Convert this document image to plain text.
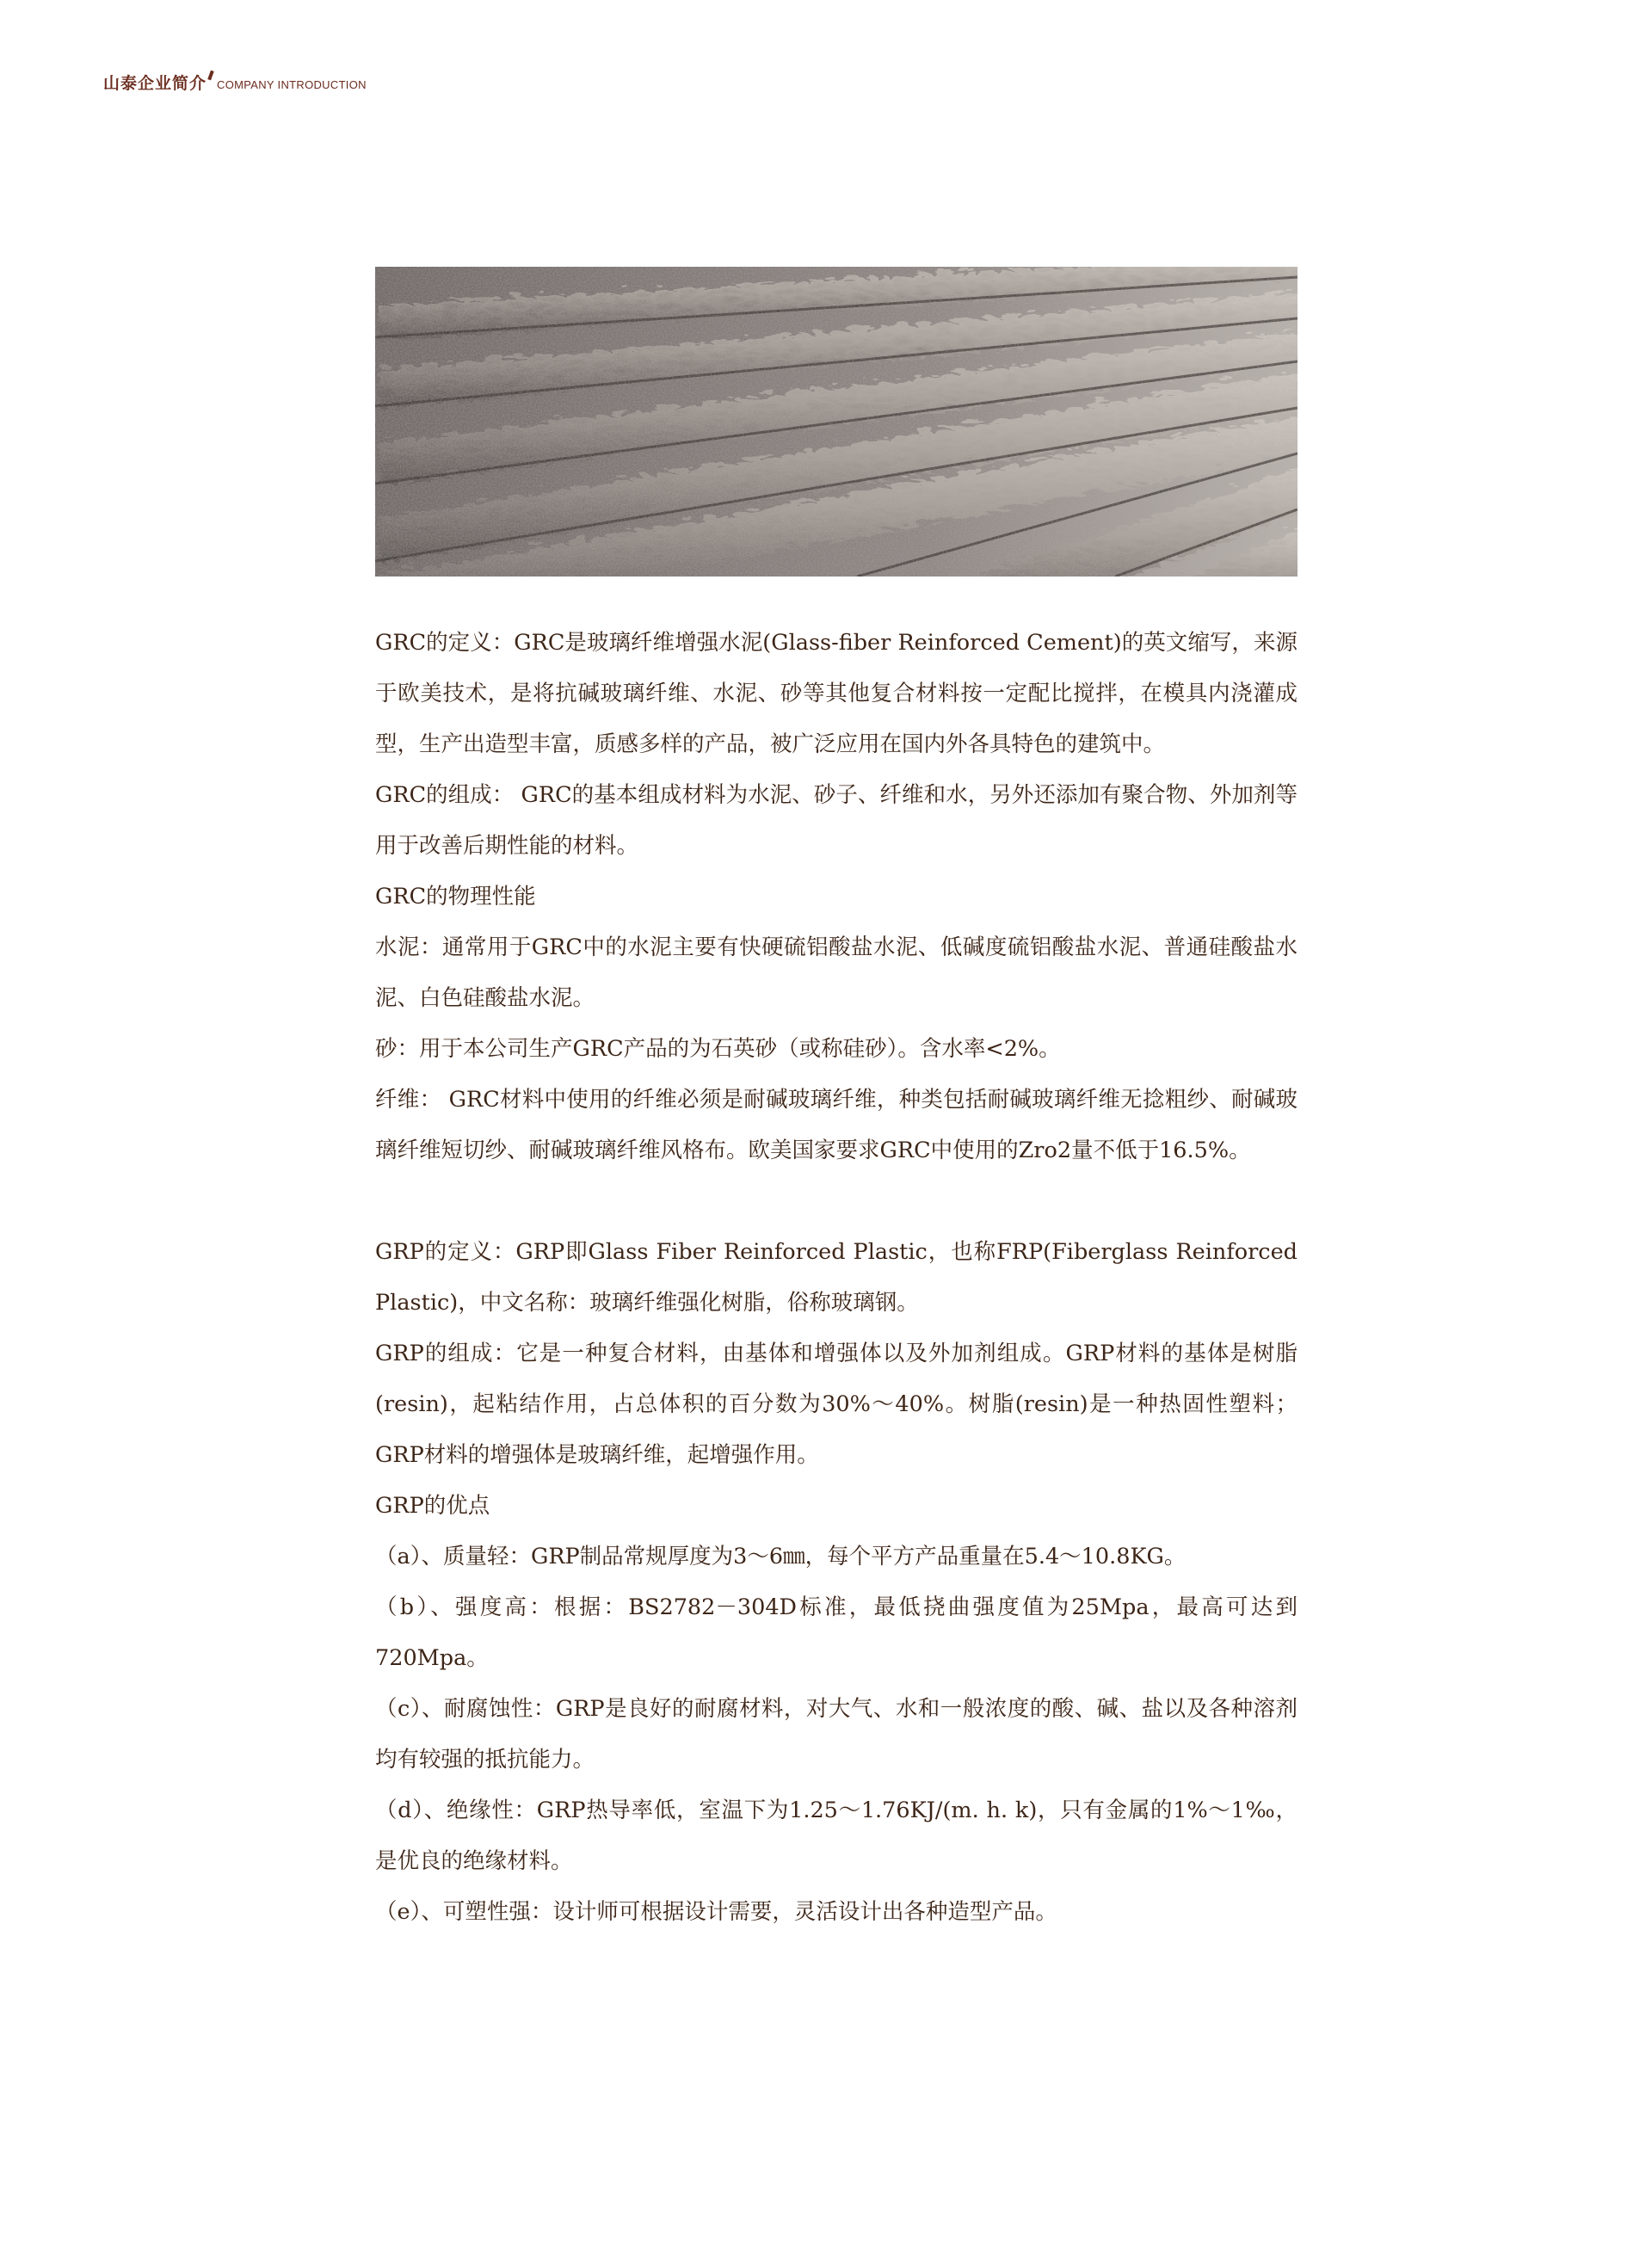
山泰企业简介 COMPANY INTRODUCTION

GRC的定义：GRC是玻璃纤维增强水泥(Glass-fiber Reinforced Cement)的英文缩写，来源于欧美技术，是将抗碱玻璃纤维、水泥、砂等其他复合材料按一定配比搅拌，在模具内浇灌成型，生产出造型丰富，质感多样的产品，被广泛应用在国内外各具特色的建筑中。

GRC的组成： GRC的基本组成材料为水泥、砂子、纤维和水，另外还添加有聚合物、外加剂等用于改善后期性能的材料。

GRC的物理性能

水泥：通常用于GRC中的水泥主要有快硬硫铝酸盐水泥、低碱度硫铝酸盐水泥、普通硅酸盐水泥、白色硅酸盐水泥。

砂：用于本公司生产GRC产品的为石英砂（或称硅砂）。含水率<2%。

纤维： GRC材料中使用的纤维必须是耐碱玻璃纤维，种类包括耐碱玻璃纤维无捻粗纱、耐碱玻璃纤维短切纱、耐碱玻璃纤维风格布。欧美国家要求GRC中使用的Zro2量不低于16.5%。

GRP的定义：GRP即Glass Fiber Reinforced Plastic，也称FRP(Fiberglass Reinforced Plastic)，中文名称：玻璃纤维强化树脂，俗称玻璃钢。

GRP的组成：它是一种复合材料，由基体和增强体以及外加剂组成。GRP材料的基体是树脂(resin)，起粘结作用，占总体积的百分数为30%～40%。树脂(resin)是一种热固性塑料；GRP材料的增强体是玻璃纤维，起增强作用。

GRP的优点

（a）、质量轻：GRP制品常规厚度为3～6㎜，每个平方产品重量在5.4～10.8KG。

（b）、强度高：根据：BS2782－304D标准，最低挠曲强度值为25Mpa，最高可达到720Mpa。

（c）、耐腐蚀性：GRP是良好的耐腐材料，对大气、水和一般浓度的酸、碱、盐以及各种溶剂均有较强的抵抗能力。

（d）、绝缘性：GRP热导率低，室温下为1.25～1.76KJ/(m. h. k)，只有金属的1%～1‰，是优良的绝缘材料。

（e）、可塑性强：设计师可根据设计需要，灵活设计出各种造型产品。
